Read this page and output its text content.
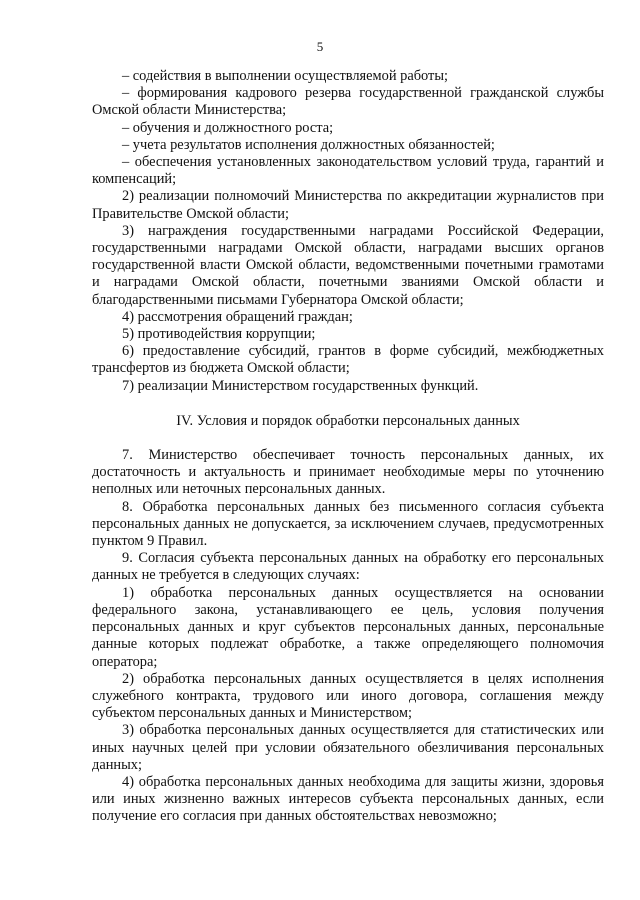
5

– содействия в выполнении осуществляемой работы;

– формирования кадрового резерва государственной гражданской службы Омской области Министерства;

– обучения и должностного роста;

– учета результатов исполнения должностных обязанностей;

– обеспечения установленных законодательством условий труда, гарантий и компенсаций;

2) реализации полномочий Министерства по аккредитации журналистов при Правительстве Омской области;

3) награждения государственными наградами Российской Федерации, государственными наградами Омской области, наградами высших органов государственной власти Омской области, ведомственными почетными грамотами и наградами Омской области, почетными званиями Омской области и благодарственными письмами Губернатора Омской области;

4) рассмотрения обращений граждан;

5) противодействия коррупции;

6) предоставление субсидий, грантов в форме субсидий, межбюджетных трансфертов из бюджета Омской области;

7) реализации Министерством государственных функций.

IV. Условия и порядок обработки персональных данных

7. Министерство обеспечивает точность персональных данных, их достаточность и актуальность и принимает необходимые меры по уточнению неполных или неточных персональных данных.

8. Обработка персональных данных без письменного согласия субъекта персональных данных не допускается, за исключением случаев, предусмотренных пунктом 9 Правил.

9. Согласия субъекта персональных данных на обработку его персональных данных не требуется в следующих случаях:

1) обработка персональных данных осуществляется на основании федерального закона, устанавливающего ее цель, условия получения персональных данных и круг субъектов персональных данных, персональные данные которых подлежат обработке, а также определяющего полномочия оператора;

2) обработка персональных данных осуществляется в целях исполнения служебного контракта, трудового или иного договора, соглашения между субъектом персональных данных и Министерством;

3) обработка персональных данных осуществляется для статистических или иных научных целей при условии обязательного обезличивания персональных данных;

4) обработка персональных данных необходима для защиты жизни, здоровья или иных жизненно важных интересов субъекта персональных данных, если получение его согласия при данных обстоятельствах невозможно;
